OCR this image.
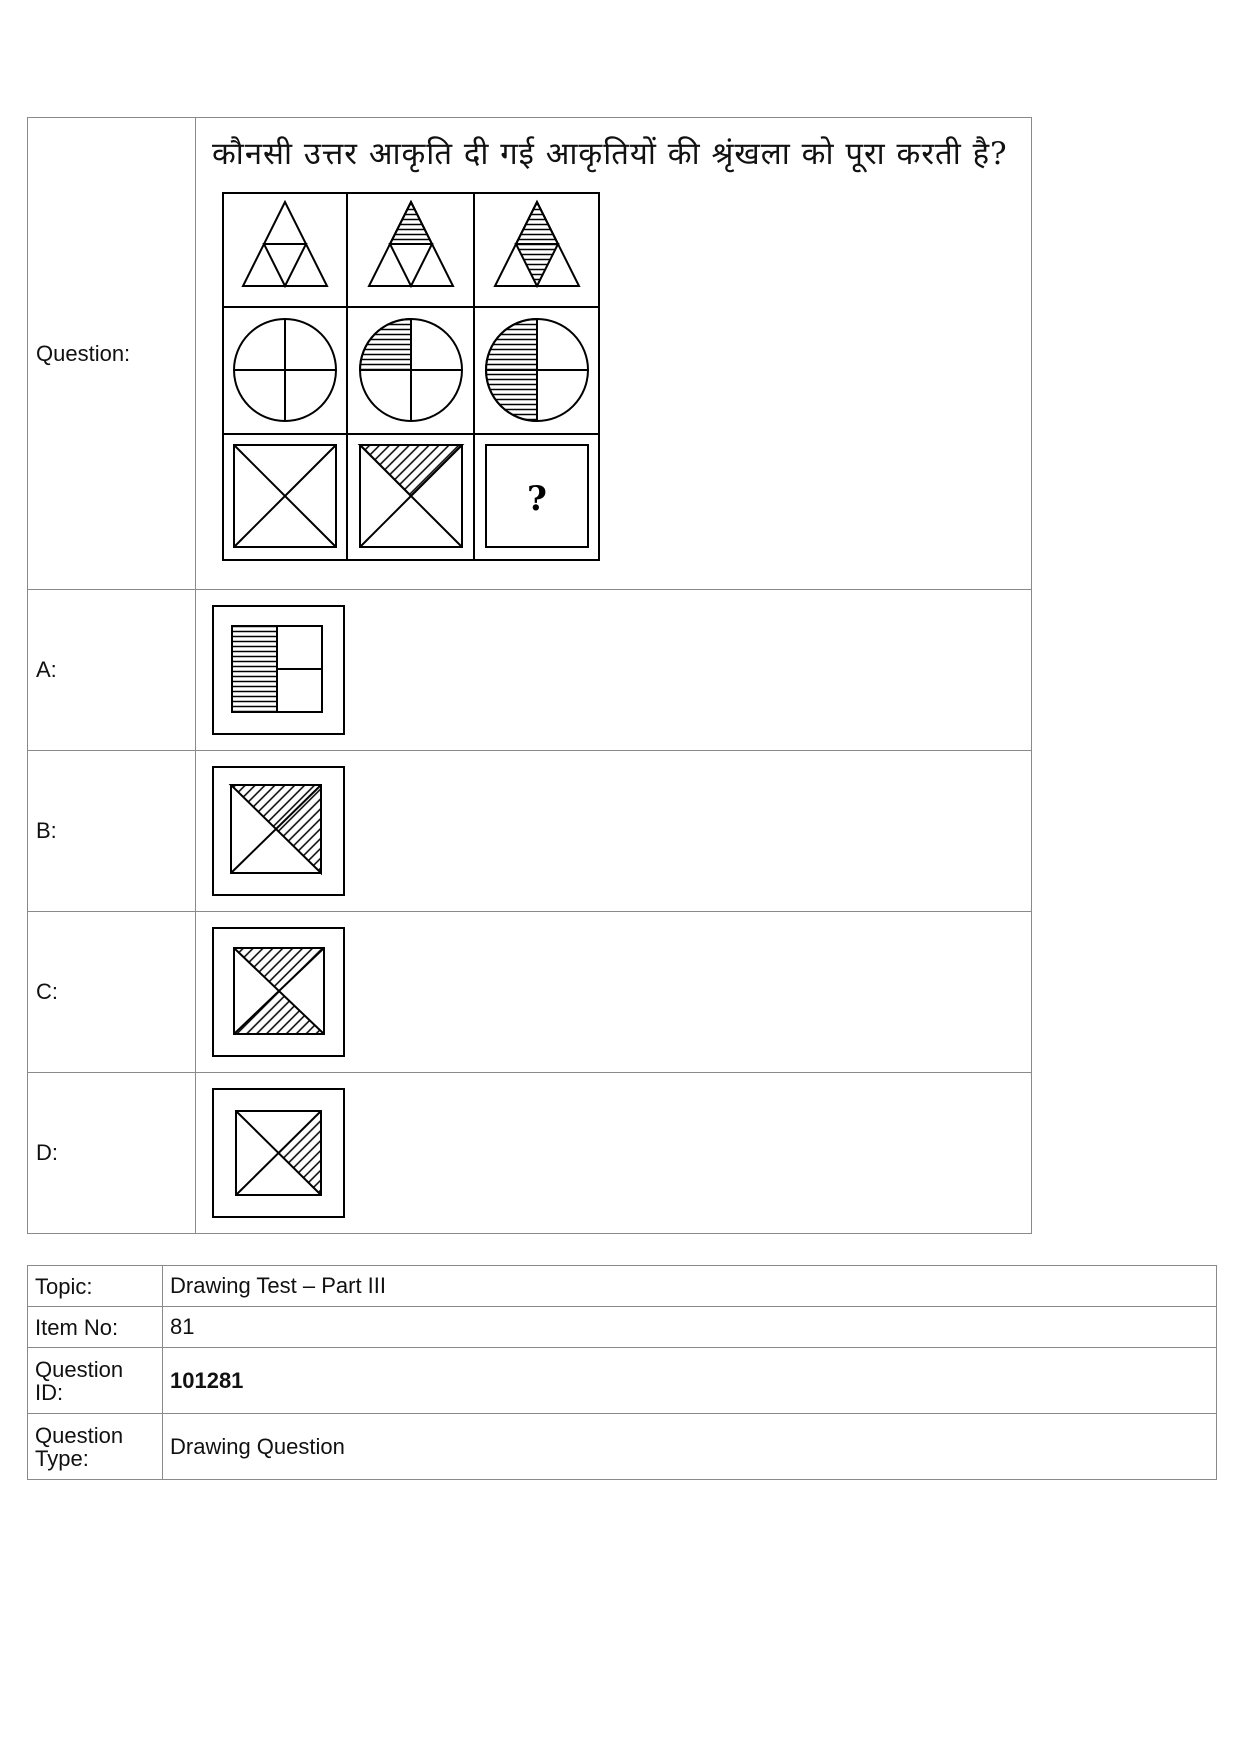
Question:	कौनसी उत्तर आकृति दी गई आकृतियों की श्रृंखला को पूरा करती है?
?

A:	

B:	

C:	

D:	
Topic:	Drawing Test – Part III
Item No:	81
Question ID:	101281
Question Type:	Drawing Question
